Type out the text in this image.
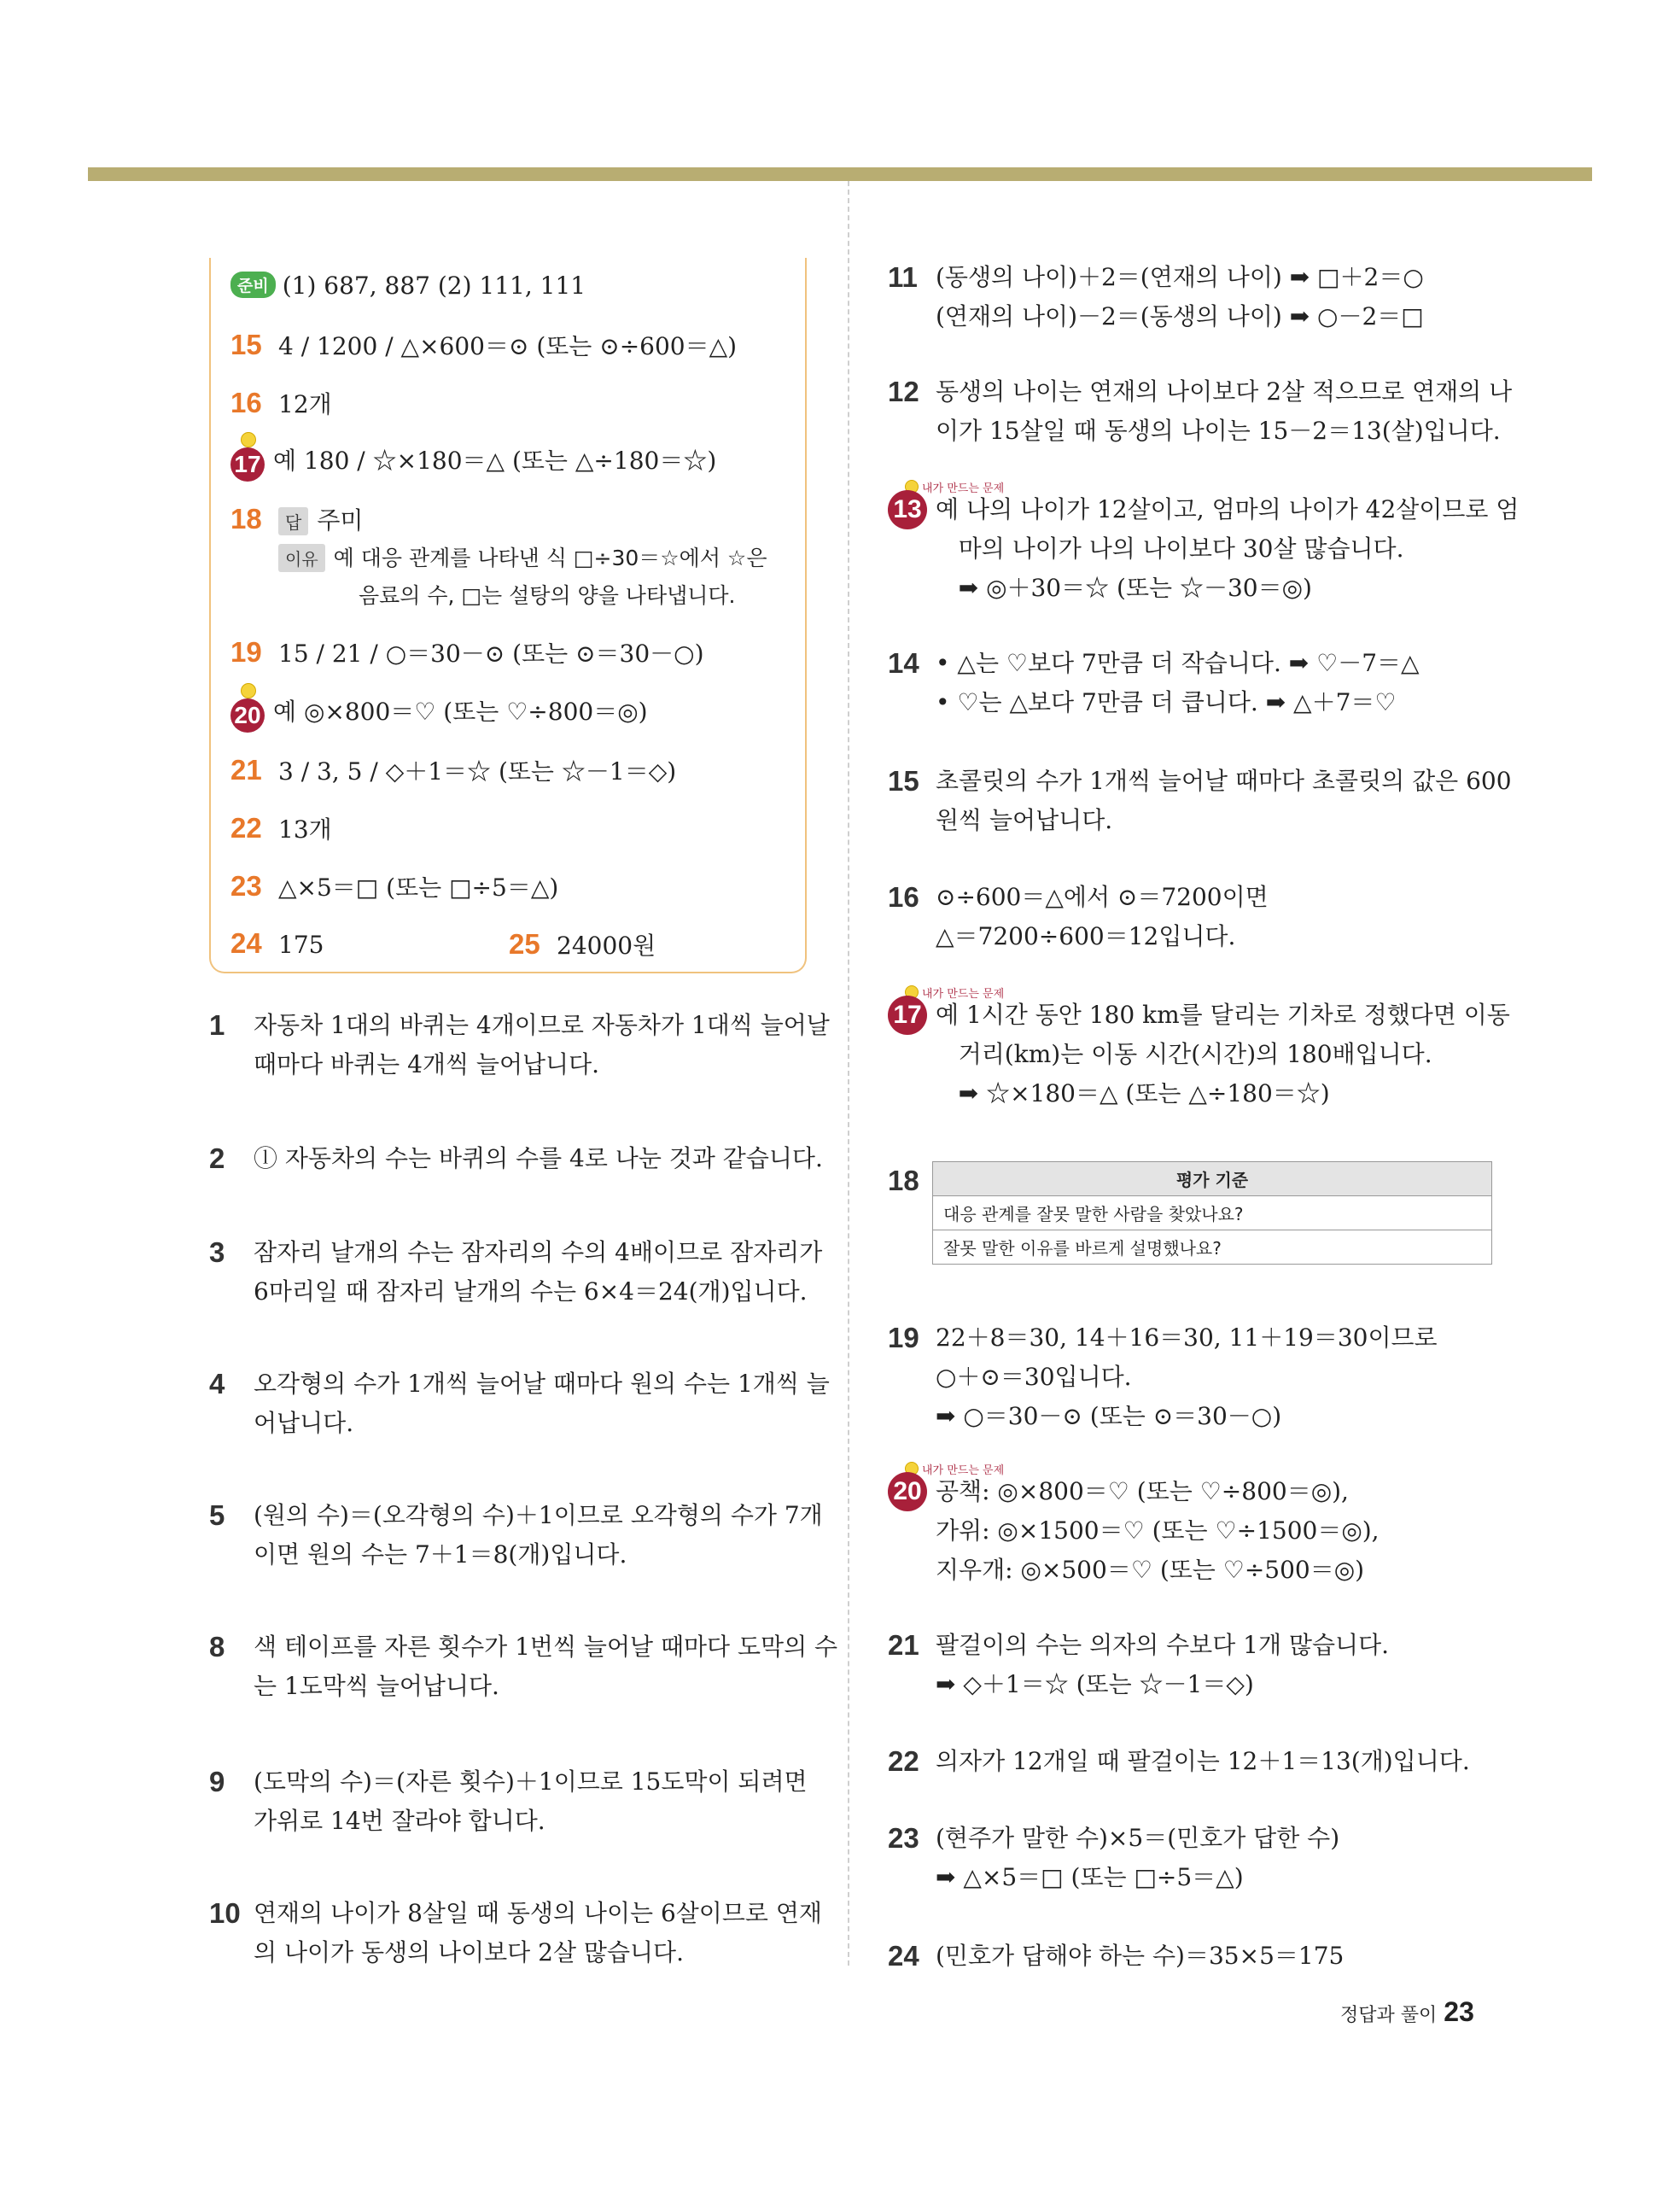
준비 (1) 687, 887 (2) 111, 111
15 4 / 1200 / △×600＝⊙ (또는 ⊙÷600＝△)
16 12개
17 예 180 / ☆×180＝△ (또는 △÷180＝☆)
18 답 주미
이유 예 대응 관계를 나타낸 식 □÷30＝☆에서 ☆은
음료의 수, □는 설탕의 양을 나타냅니다.
19 15 / 21 / ○＝30－⊙ (또는 ⊙＝30－○)
20 예 ◎×800＝♡ (또는 ♡÷800＝◎)
21 3 / 3, 5 / ◇＋1＝☆ (또는 ☆－1＝◇)
22 13개
23 △×5＝□ (또는 □÷5＝△)
24 175	25 24000원
1 자동차 1대의 바퀴는 4개이므로 자동차가 1대씩 늘어날
때마다 바퀴는 4개씩 늘어납니다.
2 ⓛ 자동차의 수는 바퀴의 수를 4로 나눈 것과 같습니다.
3 잠자리 날개의 수는 잠자리의 수의 4배이므로 잠자리가
6마리일 때 잠자리 날개의 수는 6×4＝24(개)입니다.
4 오각형의 수가 1개씩 늘어날 때마다 원의 수는 1개씩 늘
어납니다.
5 (원의 수)＝(오각형의 수)＋1이므로 오각형의 수가 7개
이면 원의 수는 7＋1＝8(개)입니다.
8 색 테이프를 자른 횟수가 1번씩 늘어날 때마다 도막의 수
는 1도막씩 늘어납니다.
9 (도막의 수)＝(자른 횟수)＋1이므로 15도막이 되려면
가위로 14번 잘라야 합니다.
10 연재의 나이가 8살일 때 동생의 나이는 6살이므로 연재
의 나이가 동생의 나이보다 2살 많습니다.
11 (동생의 나이)＋2＝(연재의 나이) ➡ □＋2＝○
(연재의 나이)－2＝(동생의 나이) ➡ ○－2＝□
12 동생의 나이는 연재의 나이보다 2살 적으므로 연재의 나
이가 15살일 때 동생의 나이는 15－2＝13(살)입니다.
내가 만드는 문제
13 예 나의 나이가 12살이고, 엄마의 나이가 42살이므로 엄
마의 나이가 나의 나이보다 30살 많습니다.
➡ ◎＋30＝☆ (또는 ☆－30＝◎)
14 • △는 ♡보다 7만큼 더 작습니다. ➡ ♡－7＝△
• ♡는 △보다 7만큼 더 큽니다. ➡ △＋7＝♡
15 초콜릿의 수가 1개씩 늘어날 때마다 초콜릿의 값은 600
원씩 늘어납니다.
16 ⊙÷600＝△에서 ⊙＝7200이면
△＝7200÷600＝12입니다.
내가 만드는 문제
17 예 1시간 동안 180 km를 달리는 기차로 정했다면 이동
거리(km)는 이동 시간(시간)의 180배입니다.
➡ ☆×180＝△ (또는 △÷180＝☆)
18	평가 기준
대응 관계를 잘못 말한 사람을 찾았나요?
잘못 말한 이유를 바르게 설명했나요?
19 22＋8＝30, 14＋16＝30, 11＋19＝30이므로
○＋⊙＝30입니다.
➡ ○＝30－⊙ (또는 ⊙＝30－○)
내가 만드는 문제
20 공책: ◎×800＝♡ (또는 ♡÷800＝◎),
가위: ◎×1500＝♡ (또는 ♡÷1500＝◎),
지우개: ◎×500＝♡ (또는 ♡÷500＝◎)
21 팔걸이의 수는 의자의 수보다 1개 많습니다.
➡ ◇＋1＝☆ (또는 ☆－1＝◇)
22 의자가 12개일 때 팔걸이는 12＋1＝13(개)입니다.
23 (현주가 말한 수)×5＝(민호가 답한 수)
➡ △×5＝□ (또는 □÷5＝△)
24 (민호가 답해야 하는 수)＝35×5＝175
정답과 풀이 23
